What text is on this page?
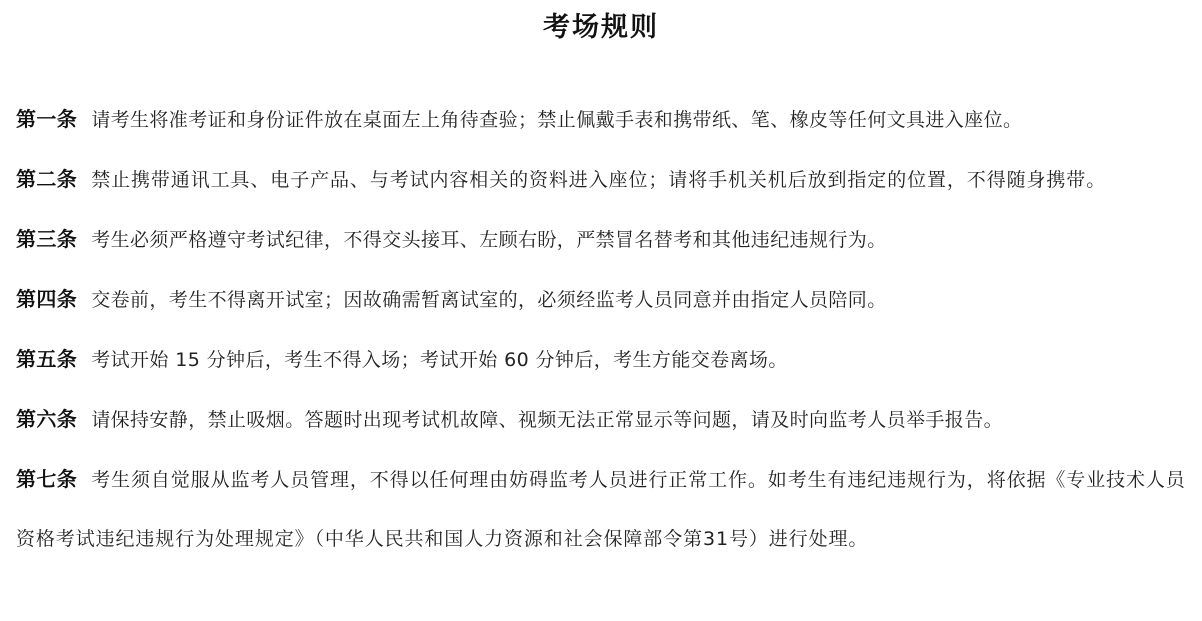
考场规则
第一条 请考生将准考证和身份证件放在桌面左上角待查验；禁止佩戴手表和携带纸、笔、橡皮等任何文具进入座位。
第二条 禁止携带通讯工具、电子产品、与考试内容相关的资料进入座位；请将手机关机后放到指定的位置，不得随身携带。
第三条 考生必须严格遵守考试纪律，不得交头接耳、左顾右盼，严禁冒名替考和其他违纪违规行为。
第四条 交卷前，考生不得离开试室；因故确需暂离试室的，必须经监考人员同意并由指定人员陪同。
第五条 考试开始 15 分钟后，考生不得入场；考试开始 60 分钟后，考生方能交卷离场。
第六条 请保持安静，禁止吸烟。答题时出现考试机故障、视频无法正常显示等问题，请及时向监考人员举手报告。
第七条 考生须自觉服从监考人员管理，不得以任何理由妨碍监考人员进行正常工作。如考生有违纪违规行为，将依据《专业技术人员资格考试违纪违规行为处理规定》（中华人民共和国人力资源和社会保障部令第31号）进行处理。
